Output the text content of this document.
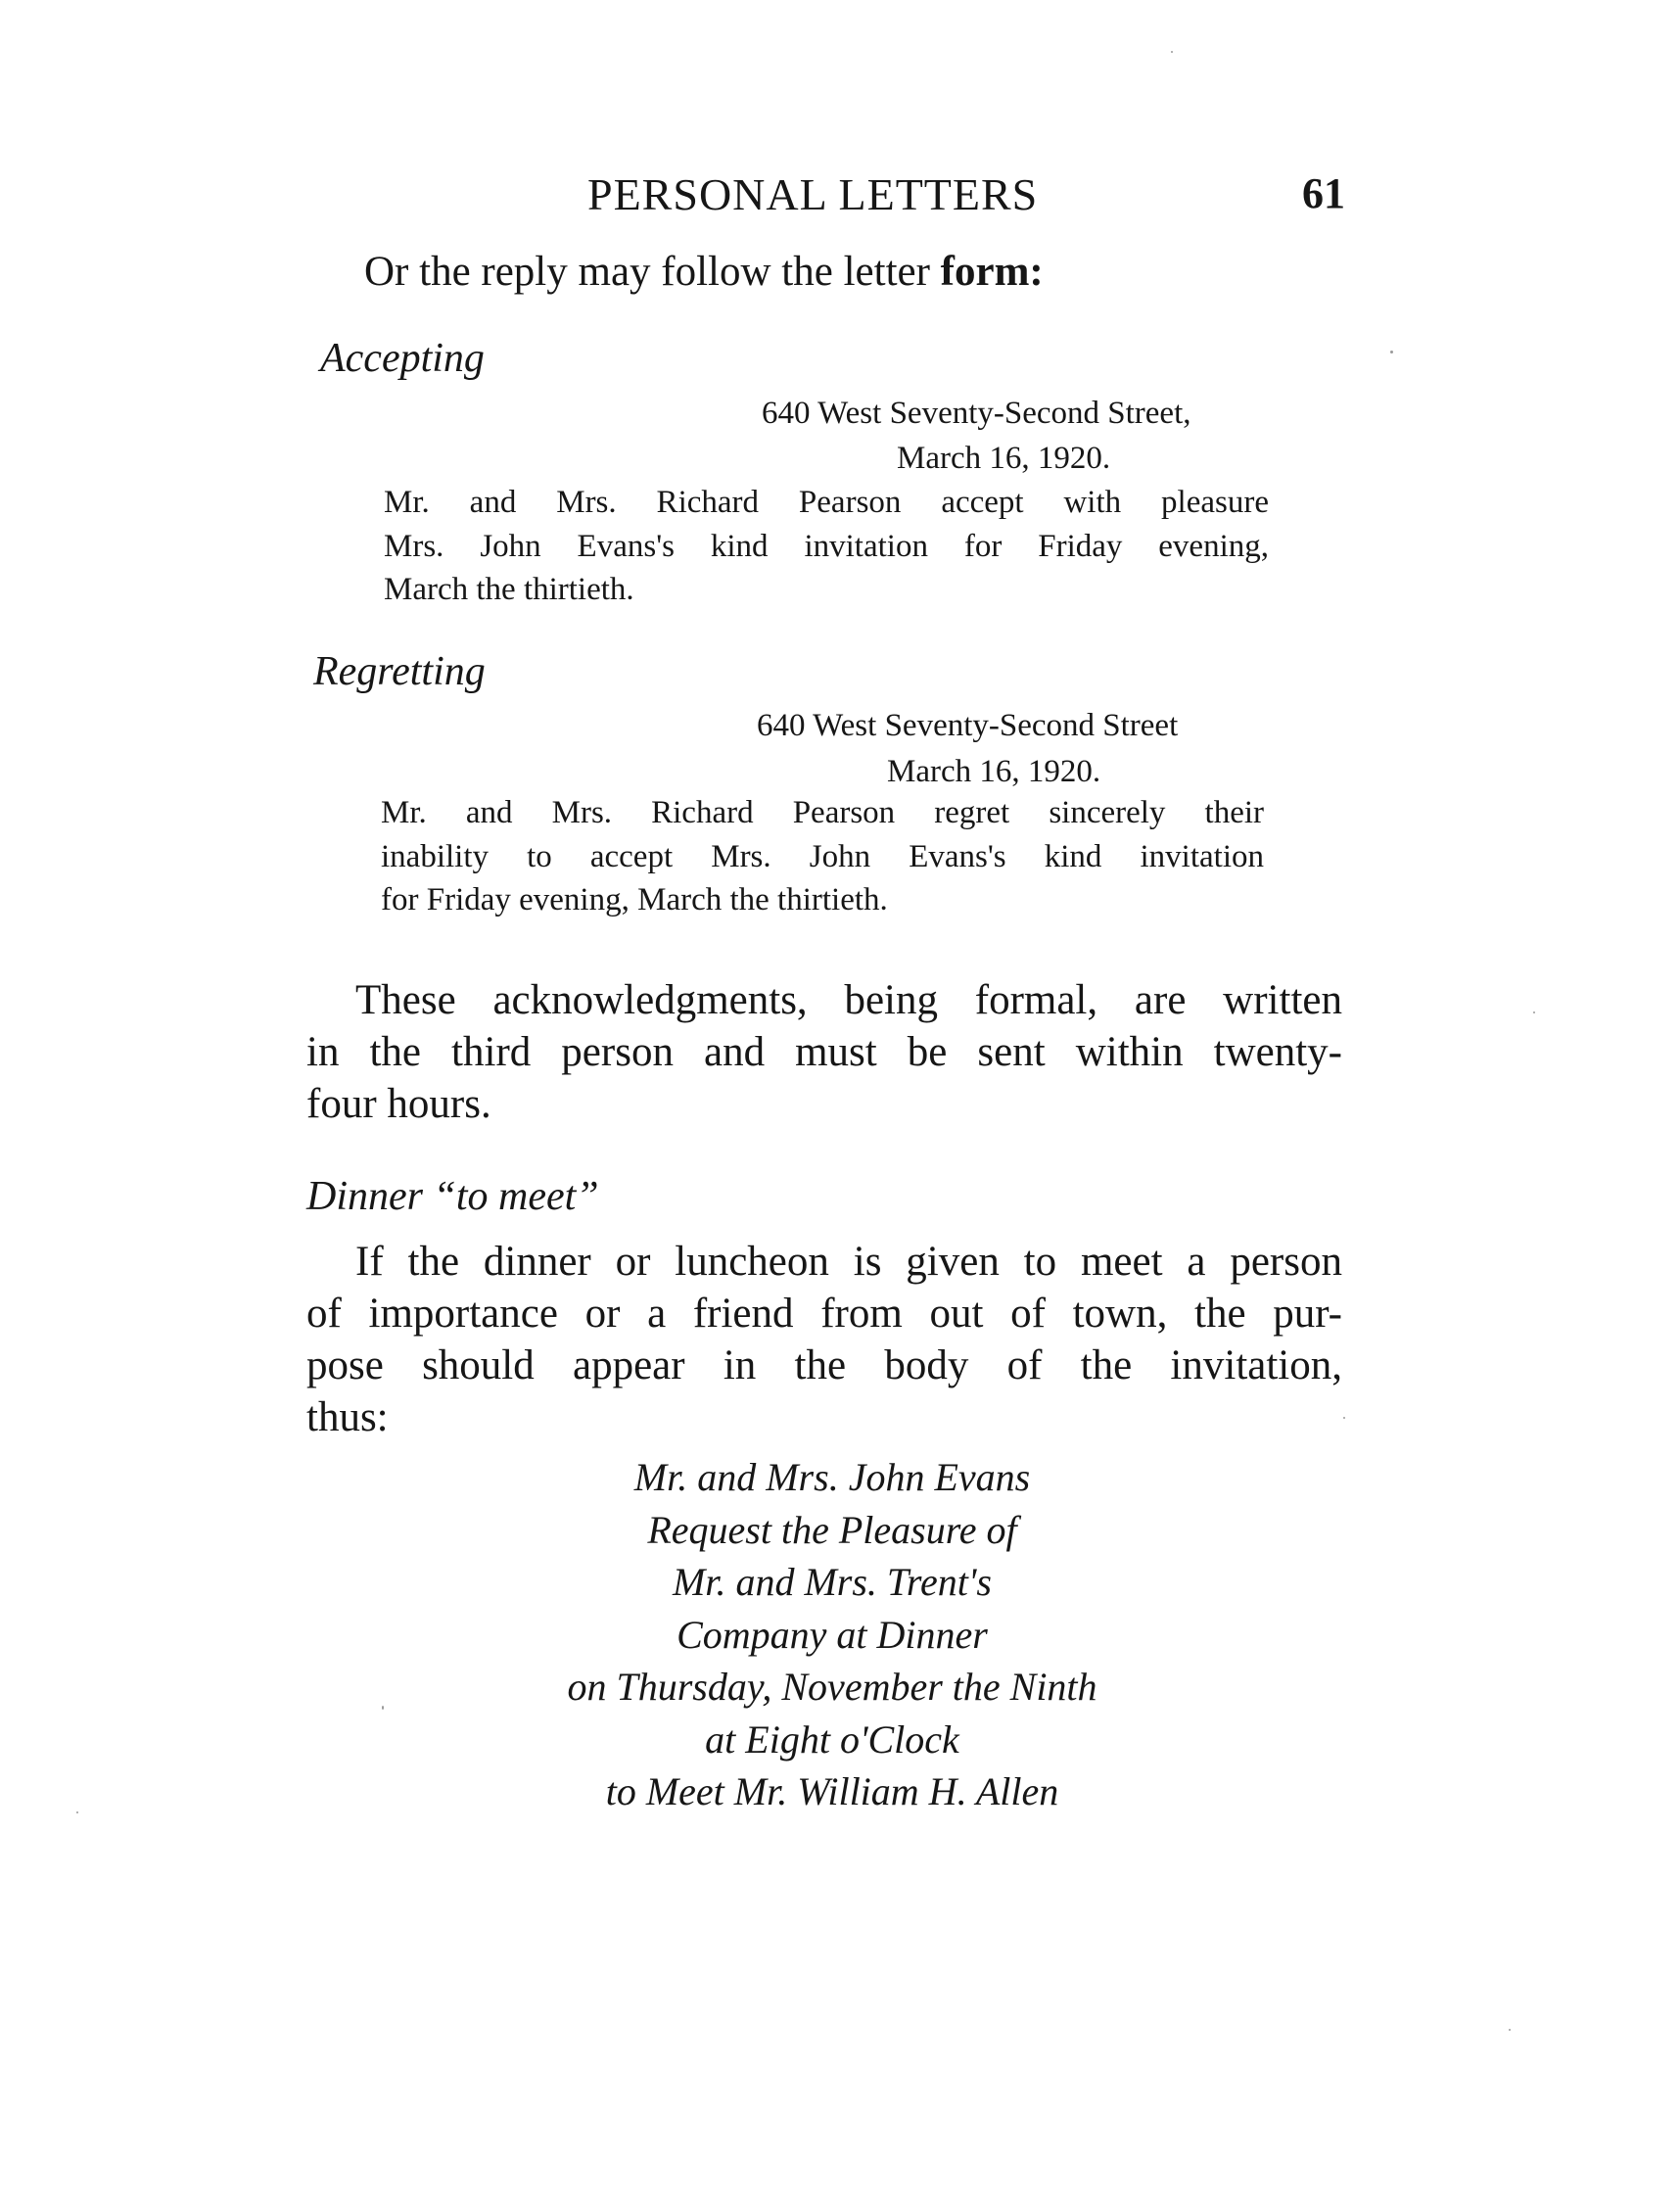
PERSONAL LETTERS	61
Or the reply may follow the letter form:
Accepting
640 West Seventy-Second Street,
March 16, 1920.
Mr. and Mrs. Richard Pearson accept with pleasure
Mrs. John Evans's kind invitation for Friday evening,
March the thirtieth.
Regretting
640 West Seventy-Second Street
March 16, 1920.
Mr. and Mrs. Richard Pearson regret sincerely their
inability to accept Mrs. John Evans's kind invitation
for Friday evening, March the thirtieth.
These acknowledgments, being formal, are written
in the third person and must be sent within twenty-
four hours.
Dinner “to meet”
If the dinner or luncheon is given to meet a person
of importance or a friend from out of town, the pur-
pose should appear in the body of the invitation,
thus:
Mr. and Mrs. John Evans
Request the Pleasure of
Mr. and Mrs. Trent's
Company at Dinner
on Thursday, November the Ninth
at Eight o'Clock
to Meet Mr. William H. Allen
